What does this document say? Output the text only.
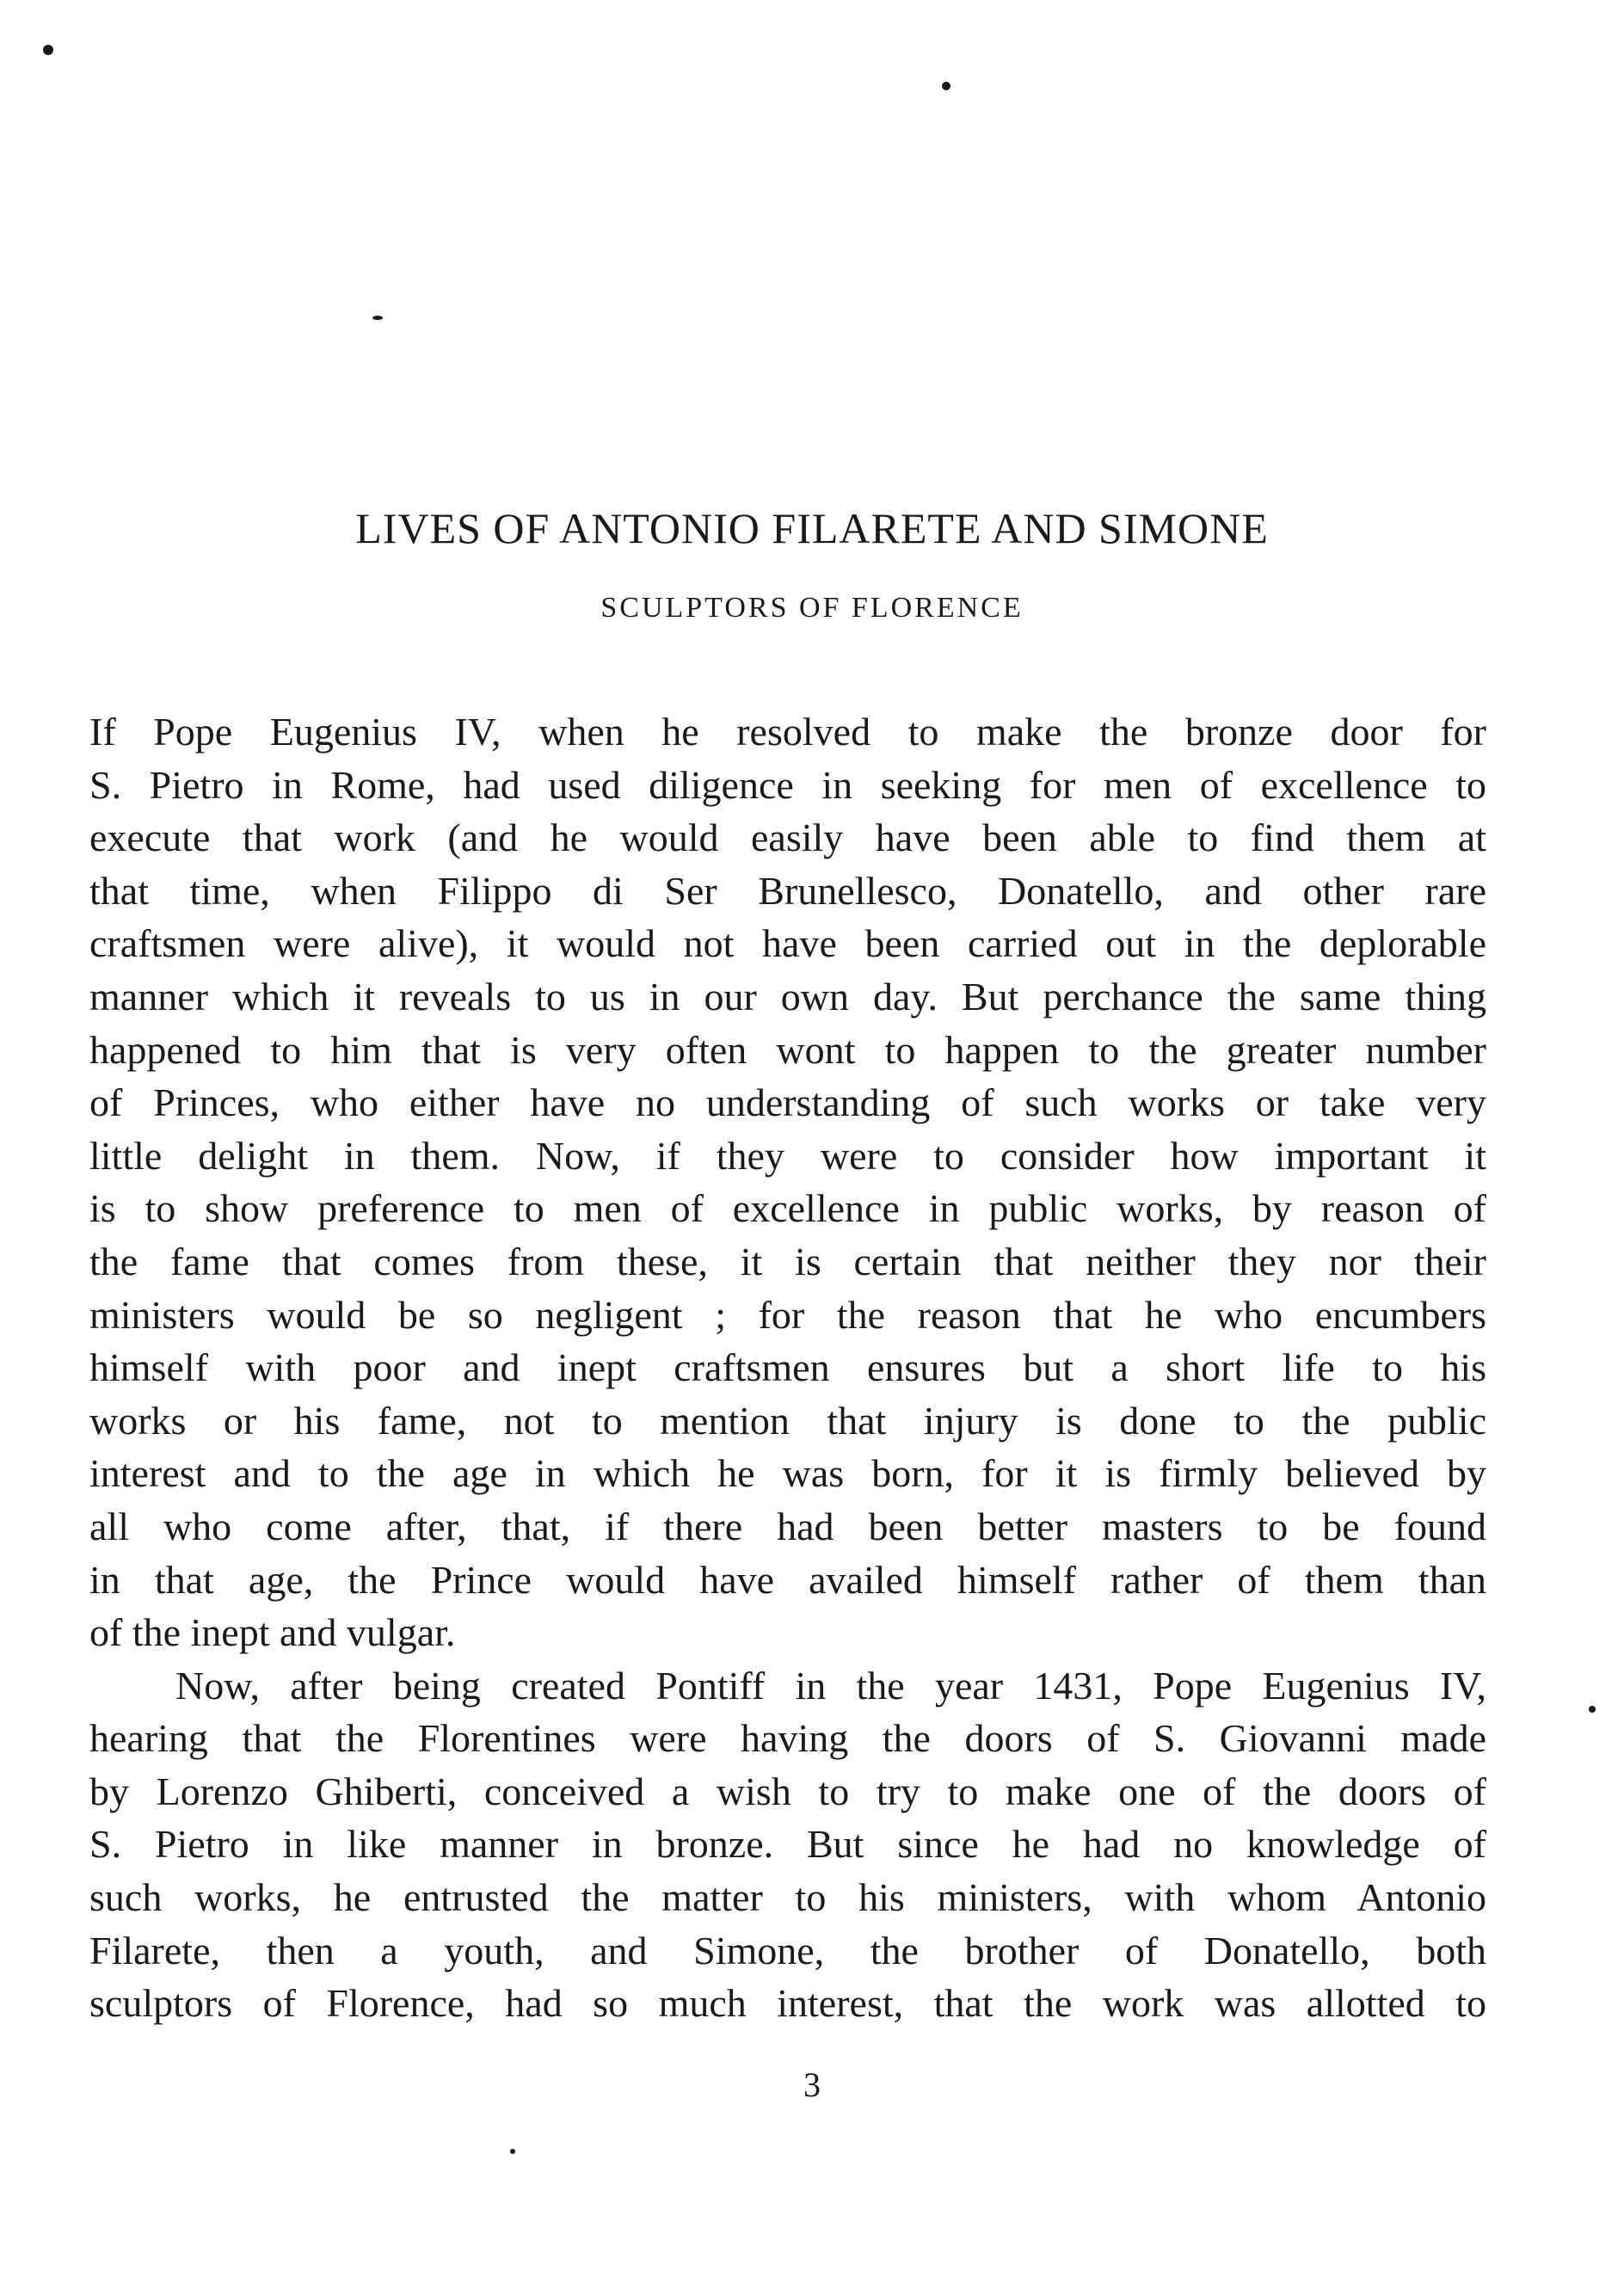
LIVES OF ANTONIO FILARETE AND SIMONE
SCULPTORS OF FLORENCE
If Pope Eugenius IV, when he resolved to make the bronze door for
S. Pietro in Rome, had used diligence in seeking for men of excellence to
execute that work (and he would easily have been able to find them at
that time, when Filippo di Ser Brunellesco, Donatello, and other rare
craftsmen were alive), it would not have been carried out in the deplorable
manner which it reveals to us in our own day. But perchance the same thing
happened to him that is very often wont to happen to the greater number
of Princes, who either have no understanding of such works or take very
little delight in them. Now, if they were to consider how important it
is to show preference to men of excellence in public works, by reason of
the fame that comes from these, it is certain that neither they nor their
ministers would be so negligent ; for the reason that he who encumbers
himself with poor and inept craftsmen ensures but a short life to his
works or his fame, not to mention that injury is done to the public
interest and to the age in which he was born, for it is firmly believed by
all who come after, that, if there had been better masters to be found
in that age, the Prince would have availed himself rather of them than
of the inept and vulgar.
Now, after being created Pontiff in the year 1431, Pope Eugenius IV,
hearing that the Florentines were having the doors of S. Giovanni made
by Lorenzo Ghiberti, conceived a wish to try to make one of the doors of
S. Pietro in like manner in bronze. But since he had no knowledge of
such works, he entrusted the matter to his ministers, with whom Antonio
Filarete, then a youth, and Simone, the brother of Donatello, both
sculptors of Florence, had so much interest, that the work was allotted to
3
